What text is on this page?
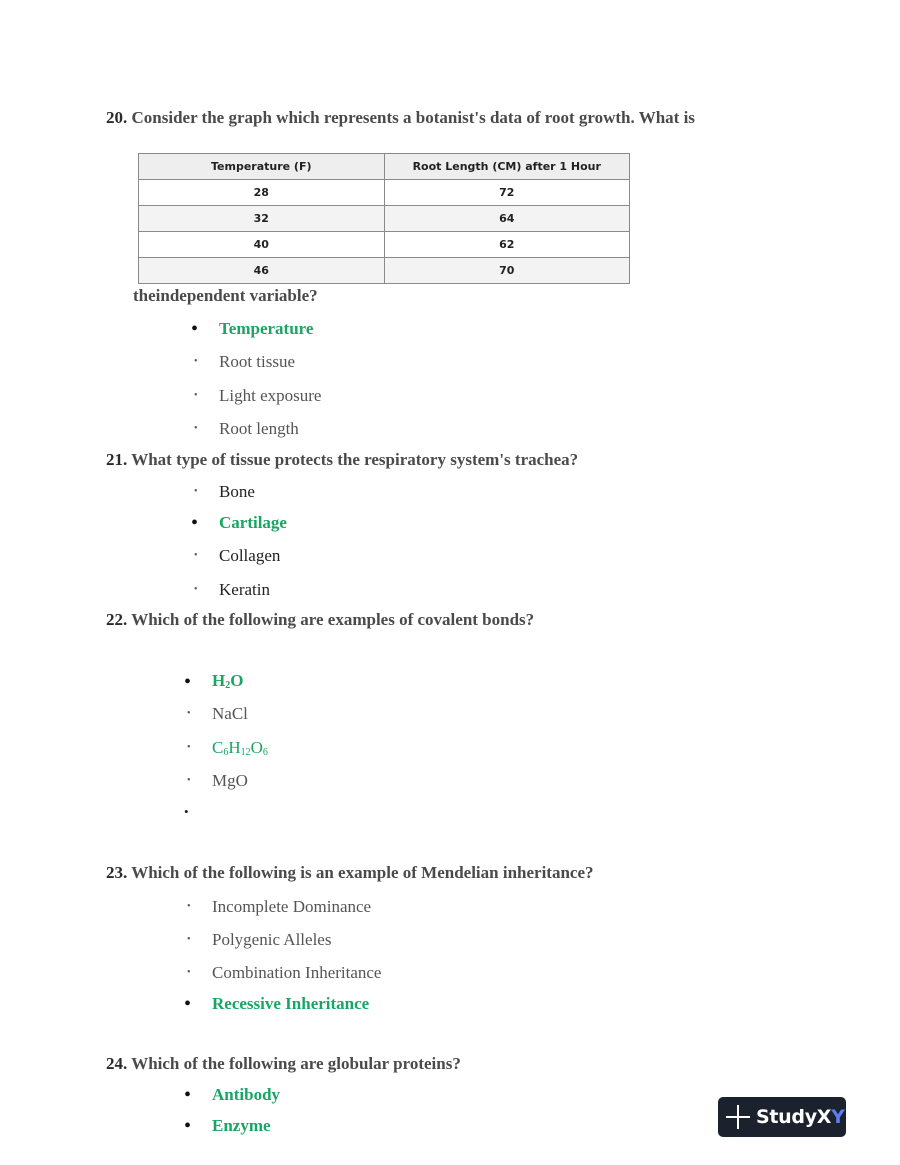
20. Consider the graph which represents a botanist's data of root growth. What is
Temperature (F)	Root Length (CM) after 1 Hour
28	72
32	64
40	62
46	70
theindependent variable?
• Temperature
• Root tissue
• Light exposure
• Root length
21. What type of tissue protects the respiratory system's trachea?
• Bone
• Cartilage
• Collagen
• Keratin
22. Which of the following are examples of covalent bonds?
• $H_2O$
• NaCl
• $C_6H_{12}O_6$
• MgO
•
23. Which of the following is an example of Mendelian inheritance?
• Incomplete Dominance
• Polygenic Alleles
• Combination Inheritance
• Recessive Inheritance
24. Which of the following are globular proteins?
• Antibody
• Enzyme	StudyXY
